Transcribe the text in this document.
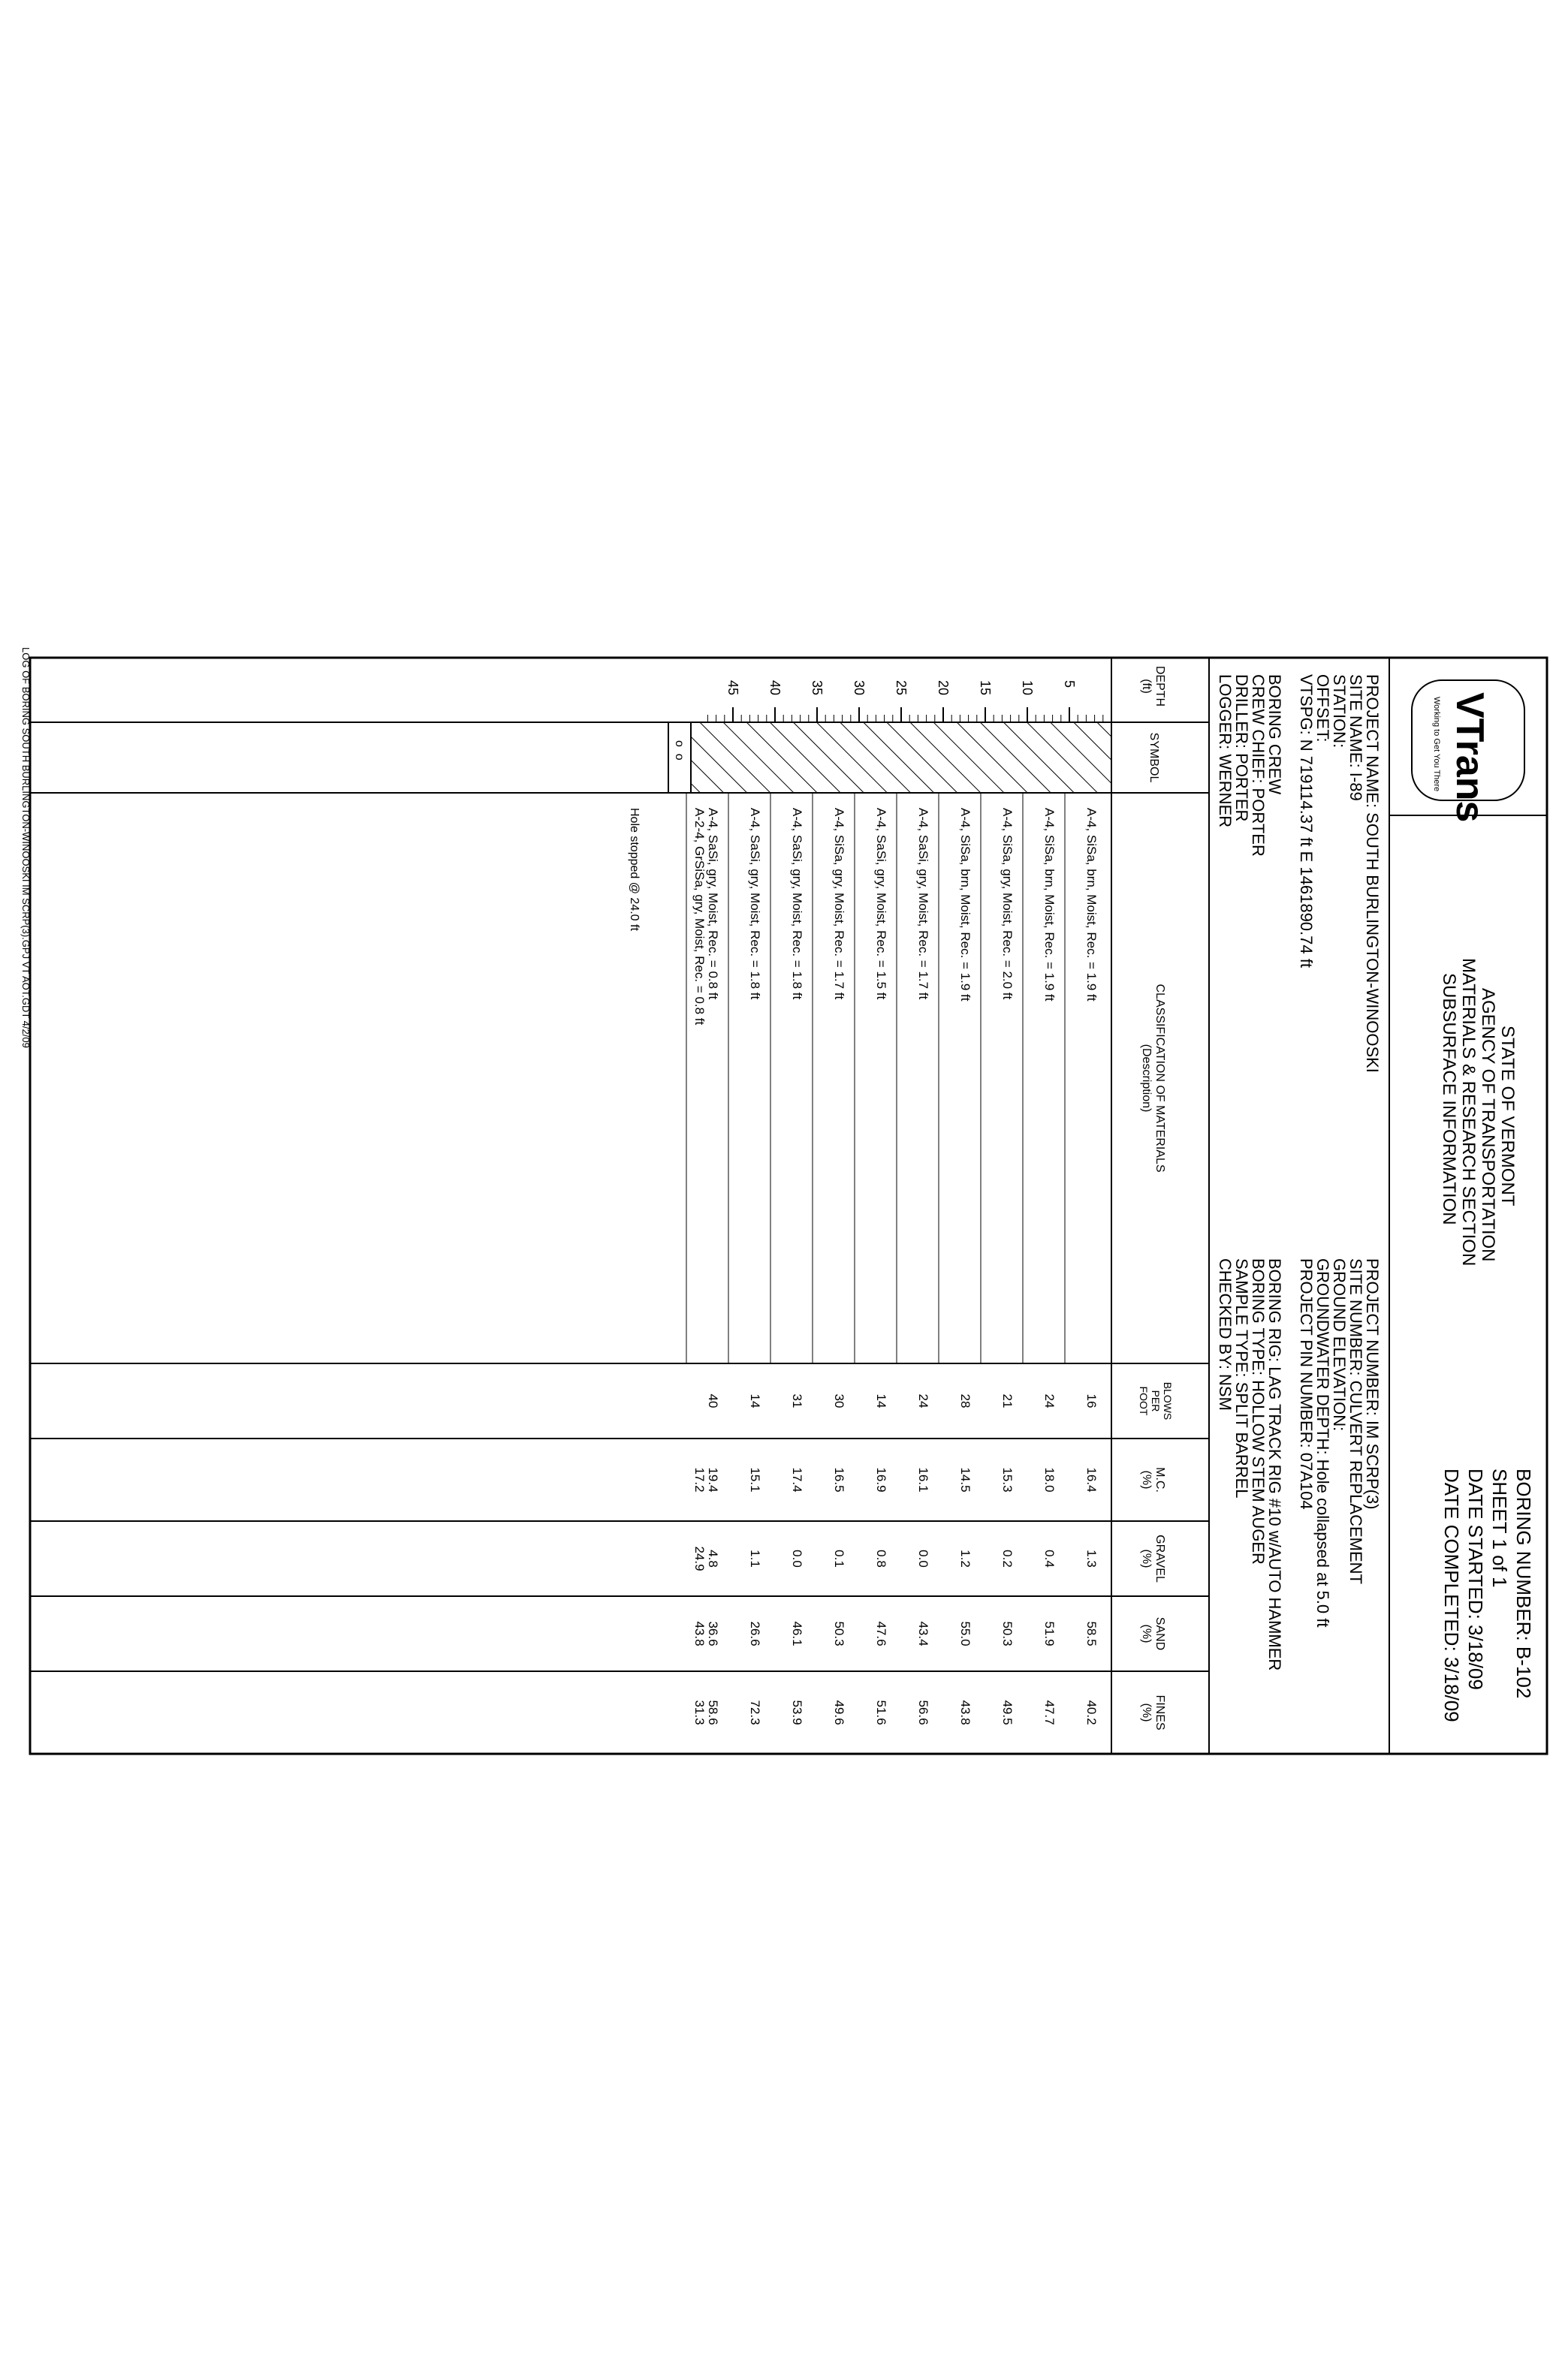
LOG OF BORING SOUTH BURLINGTON-WINOOSKI IM SCRP(3).GPJ VT AOT.GDT 4/2/09	VTrans
Working to Get You There
STATE OF VERMONT
AGENCY OF TRANSPORTATION
MATERIALS & RESEARCH SECTION
SUBSURFACE INFORMATION
BORING NUMBER: B-102
SHEET 1 of 1
DATE STARTED: 3/18/09
DATE COMPLETED: 3/18/09
PROJECT NAME: SOUTH BURLINGTON-WINOOSKI
SITE NAME: I-89
STATION:
OFFSET:
VTSPG: N 719114.37 ft E 1461890.74 ft
PROJECT NUMBER: IM SCRP(3)
SITE NUMBER: CULVERT REPLACEMENT
GROUND ELEVATION:
GROUNDWATER DEPTH: Hole collapsed at 5.0 ft
PROJECT PIN NUMBER: 07A104
BORING CREW
CREW CHIEF: PORTER
DRILLER: PORTER
LOGGER: WERNER
BORING RIG: LAG TRACK RIG #10 w/AUTO HAMMER
BORING TYPE: HOLLOW STEM AUGER
SAMPLE TYPE: SPLIT BARREL
CHECKED BY: NSM
DEPTH
(ft)
SYMBOL
CLASSIFICATION OF MATERIALS
(Description)
BLOWS
PER
FOOT
M.C.
(%)
GRAVEL
(%)
SAND
(%)
FINES
(%)
o  o
5
10
15
20
25
30
35
40
45
A-4, SiSa, brn, Moist, Rec. = 1.9 ft
16
16.4
1.3
58.5
40.2
A-4, SiSa, brn, Moist, Rec. = 1.9 ft
24
18.0
0.4
51.9
47.7
A-4, SiSa, gry, Moist, Rec. = 2.0 ft
21
15.3
0.2
50.3
49.5
A-4, SiSa, brn, Moist, Rec. = 1.9 ft
28
14.5
1.2
55.0
43.8
A-4, SaSi, gry, Moist, Rec. = 1.7 ft
24
16.1
0.0
43.4
56.6
A-4, SaSi, gry, Moist, Rec. = 1.5 ft
14
16.9
0.8
47.6
51.6
A-4, SiSa, gry, Moist, Rec. = 1.7 ft
30
16.5
0.1
50.3
49.6
A-4, SaSi, gry, Moist, Rec. = 1.8 ft
31
17.4
0.0
46.1
53.9
A-4, SaSi, gry, Moist, Rec. = 1.8 ft
14
15.1
1.1
26.6
72.3
A-4, SaSi, gry, Moist, Rec. = 0.8 ft
A-2-4, GrSiSa, gry, Moist, Rec. = 0.8 ft
40
19.4
17.2
4.8
24.9
36.6
43.8
58.6
31.3
Hole stopped @ 24.0 ft
